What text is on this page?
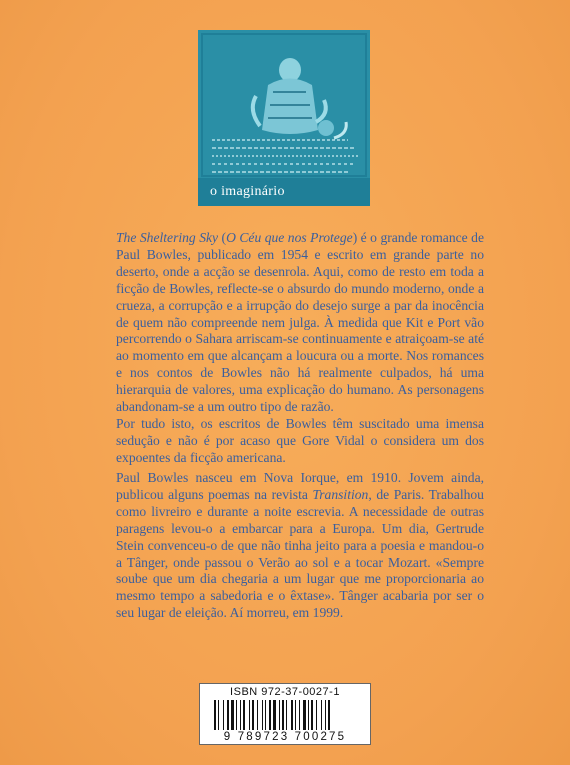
o imaginário

The Sheltering Sky (O Céu que nos Protege) é o grande romance de Paul Bowles, publicado em 1954 e escrito em grande parte no deserto, onde a acção se desenrola. Aqui, como de resto em toda a ficção de Bowles, reflecte-se o absurdo do mundo moderno, onde a crueza, a corrupção e a irrupção do desejo surge a par da inocência de quem não compreende nem julga. À medida que Kit e Port vão percorrendo o Sahara arriscam-se continuamente e atraiçoam-se até ao momento em que alcançam a loucura ou a morte. Nos romances e nos contos de Bowles não há realmente culpados, há uma hierarquia de valores, uma explicação do humano. As personagens abandonam-se a um outro tipo de razão.

Por tudo isto, os escritos de Bowles têm suscitado uma imensa sedução e não é por acaso que Gore Vidal o considera um dos expoentes da ficção americana.

Paul Bowles nasceu em Nova Iorque, em 1910. Jovem ainda, publicou alguns poemas na revista Transition, de Paris. Trabalhou como livreiro e durante a noite escrevia. A necessidade de outras paragens levou-o a embarcar para a Europa. Um dia, Gertrude Stein convenceu-o de que não tinha jeito para a poesia e mandou-o a Tânger, onde passou o Verão ao sol e a tocar Mozart. «Sempre soube que um dia chegaria a um lugar que me proporcionaria ao mesmo tempo a sabedoria e o êxtase». Tânger acabaria por ser o seu lugar de eleição. Aí morreu, em 1999.

ISBN 972-37-0027-1
9 789723 700275
